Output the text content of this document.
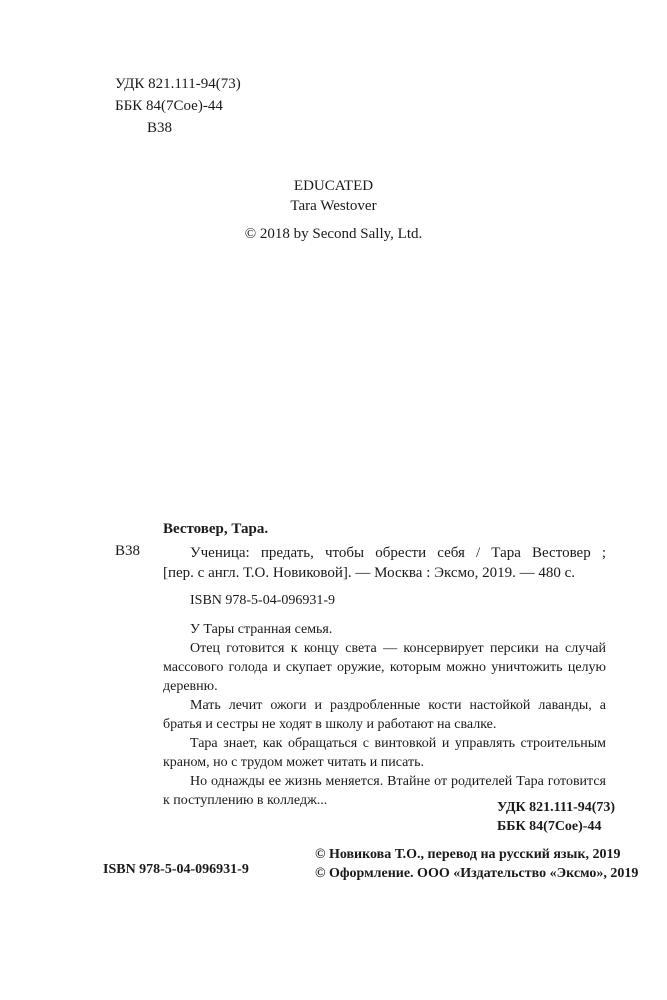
УДК 821.111-94(73)
ББК 84(7Сое)-44
В38
EDUCATED
Tara Westover
© 2018 by Second Sally, Ltd.
Вестовер, Тара.
В38	Ученица: предать, чтобы обрести себя / Тара Вестовер ;
[пер. с англ. Т.О. Новиковой]. — Москва : Эксмо, 2019. — 480 с.
ISBN 978-5-04-096931-9

У Тары странная семья.

Отец готовится к концу света — консервирует персики на случай массового голода и скупает оружие, которым можно уничтожить целую деревню.

Мать лечит ожоги и раздробленные кости настойкой лаванды, а братья и сестры не ходят в школу и работают на свалке.

Тара знает, как обращаться с винтовкой и управлять строительным краном, но с трудом может читать и писать.

Но однажды ее жизнь меняется. Втайне от родителей Тара готовится к поступлению в колледж...	УДК 821.111-94(73)
ББК 84(7Сое)-44
ISBN 978-5-04-096931-9
© Новикова Т.О., перевод на русский язык, 2019
© Оформление. ООО «Издательство «Эксмо», 2019
